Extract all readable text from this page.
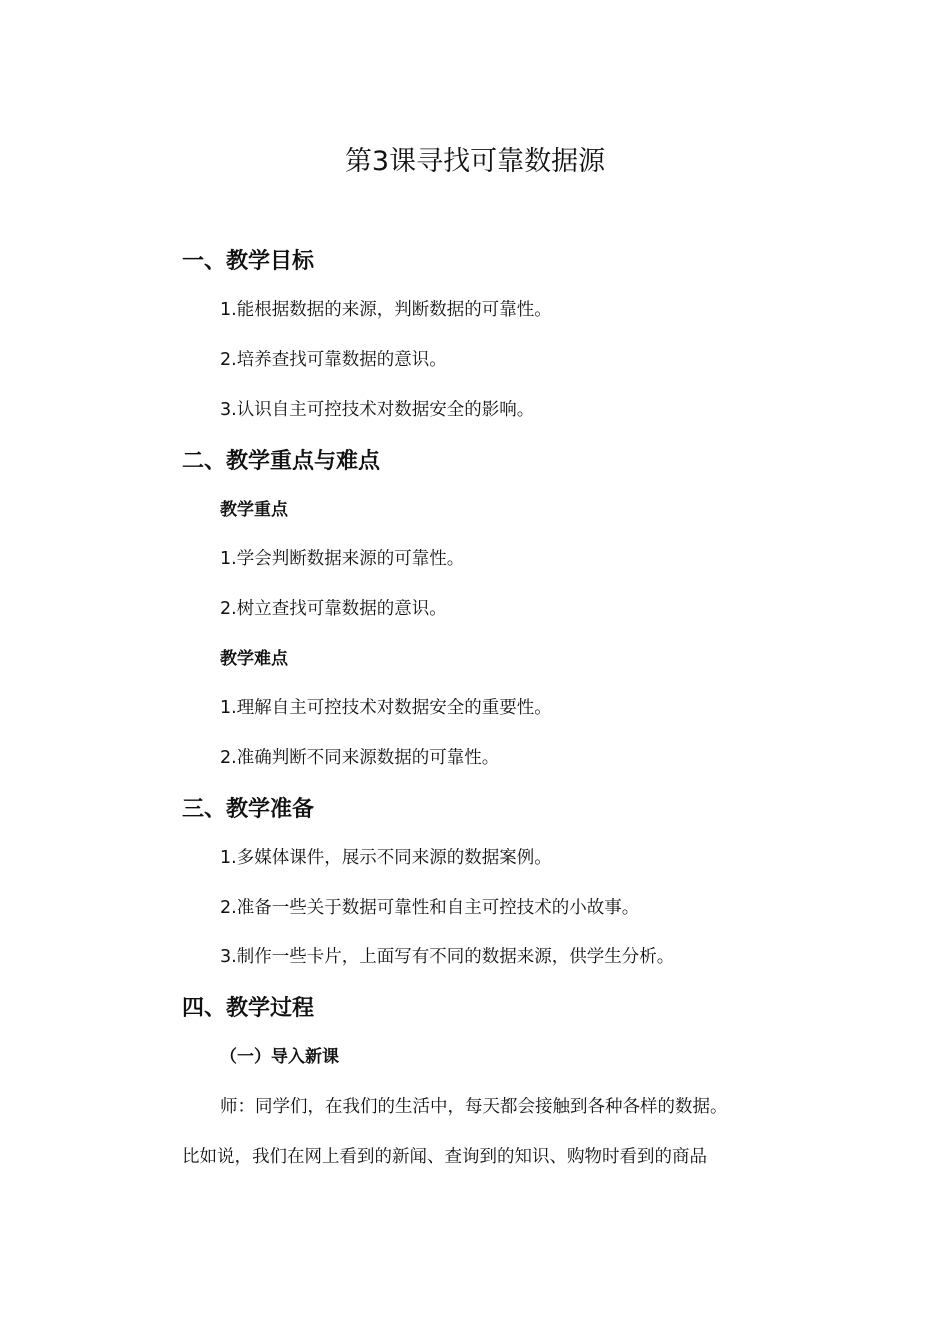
第3课寻找可靠数据源
一、教学目标
1.能根据数据的来源，判断数据的可靠性。
2.培养查找可靠数据的意识。
3.认识自主可控技术对数据安全的影响。
二、教学重点与难点
教学重点
1.学会判断数据来源的可靠性。
2.树立查找可靠数据的意识。
教学难点
1.理解自主可控技术对数据安全的重要性。
2.准确判断不同来源数据的可靠性。
三、教学准备
1.多媒体课件，展示不同来源的数据案例。
2.准备一些关于数据可靠性和自主可控技术的小故事。
3.制作一些卡片，上面写有不同的数据来源，供学生分析。
四、教学过程
（一）导入新课
师：同学们，在我们的生活中，每天都会接触到各种各样的数据。
比如说，我们在网上看到的新闻、查询到的知识、购物时看到的商品
